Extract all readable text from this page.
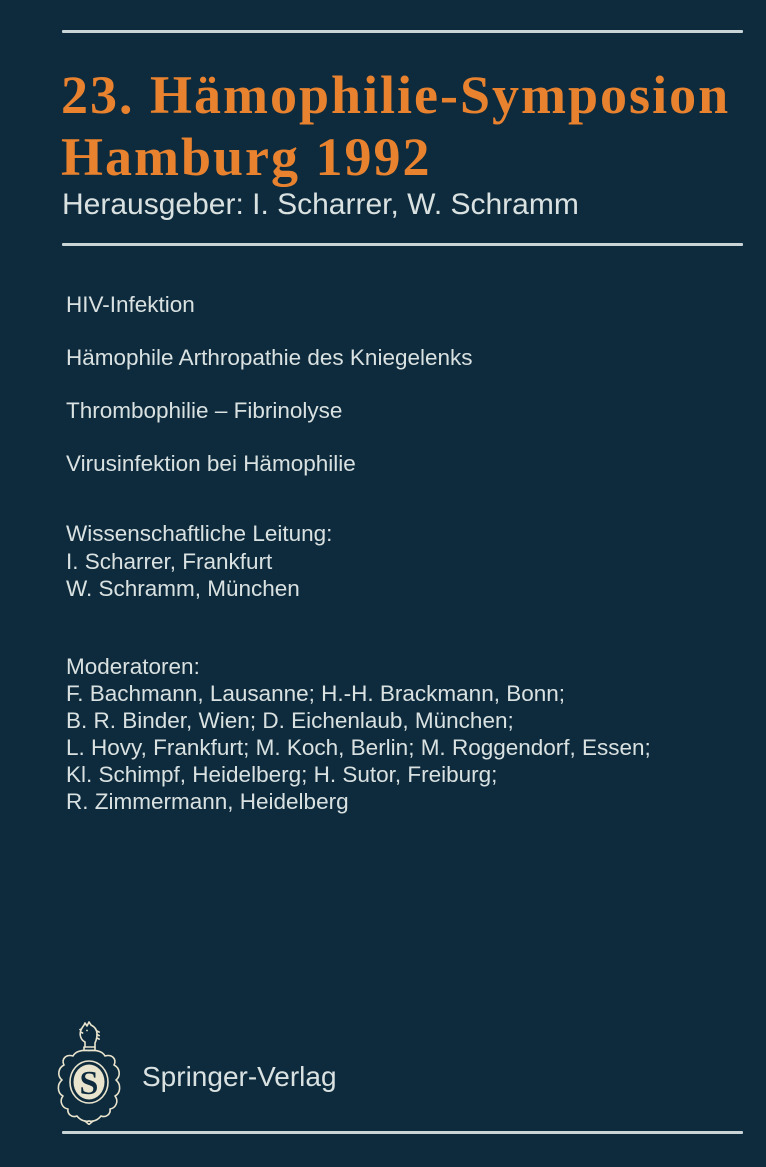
23. Hämophilie-Symposion
Hamburg 1992
Herausgeber: I. Scharrer, W. Schramm
HIV-Infektion
Hämophile Arthropathie des Kniegelenks
Thrombophilie – Fibrinolyse
Virusinfektion bei Hämophilie
Wissenschaftliche Leitung:
I. Scharrer, Frankfurt
W. Schramm, München
Moderatoren:
F. Bachmann, Lausanne; H.-H. Brackmann, Bonn;
B. R. Binder, Wien; D. Eichenlaub, München;
L. Hovy, Frankfurt; M. Koch, Berlin; M. Roggendorf, Essen;
Kl. Schimpf, Heidelberg; H. Sutor, Freiburg;
R. Zimmermann, Heidelberg
S Springer-Verlag
